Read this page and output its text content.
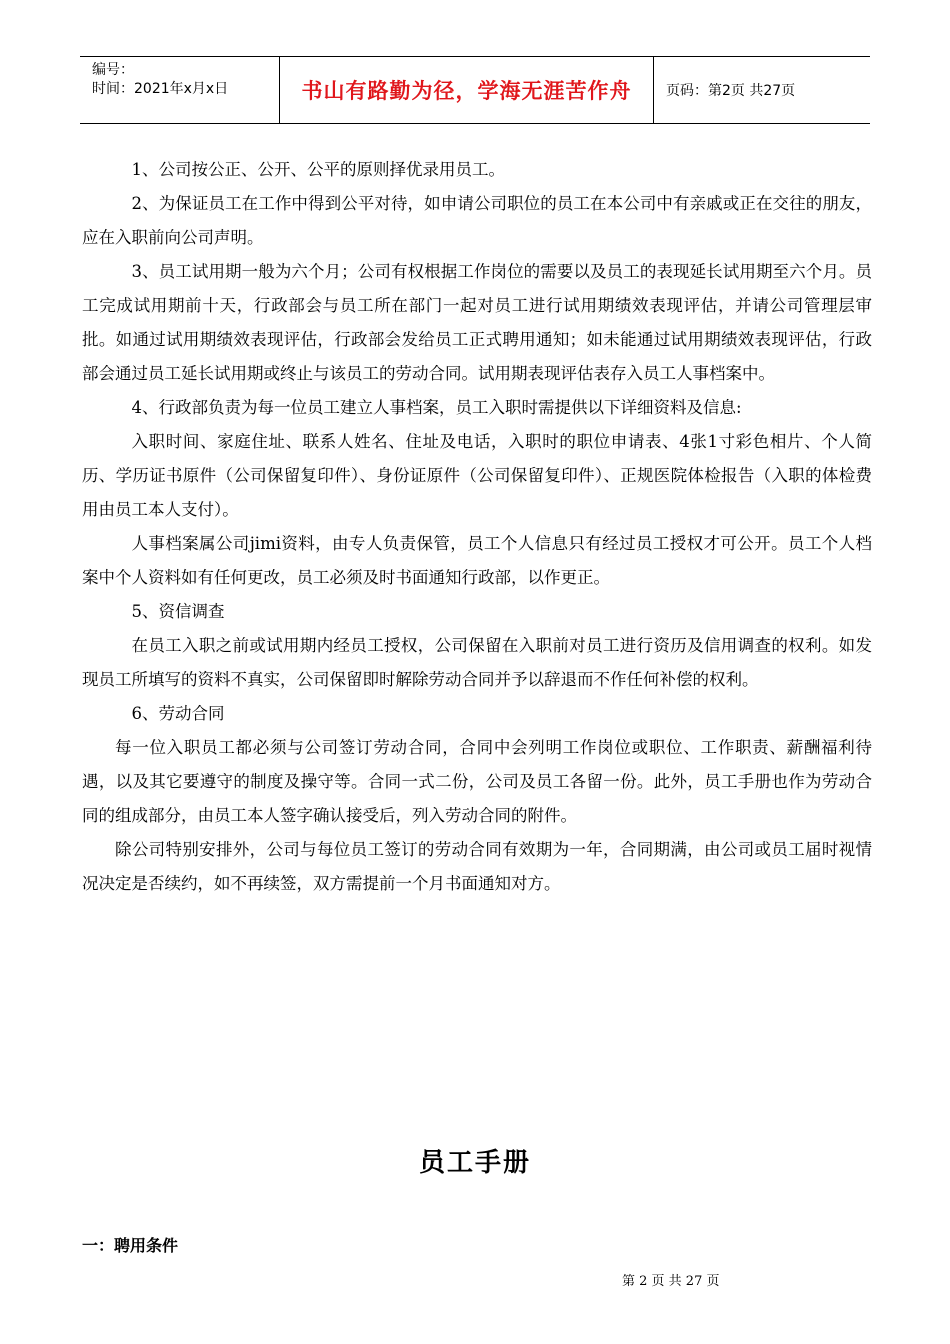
编号：
时间：2021年x月x日	书山有路勤为径，学海无涯苦作舟	页码：第2页 共27页

1、公司按公正、公开、公平的原则择优录用员工。

2、为保证员工在工作中得到公平对待，如申请公司职位的员工在本公司中有亲戚或正在交往的朋友，应在入职前向公司声明。

3、员工试用期一般为六个月；公司有权根据工作岗位的需要以及员工的表现延长试用期至六个月。员工完成试用期前十天，行政部会与员工所在部门一起对员工进行试用期绩效表现评估，并请公司管理层审批。如通过试用期绩效表现评估，行政部会发给员工正式聘用通知；如未能通过试用期绩效表现评估，行政部会通过员工延长试用期或终止与该员工的劳动合同。试用期表现评估表存入员工人事档案中。

4、行政部负责为每一位员工建立人事档案，员工入职时需提供以下详细资料及信息:

入职时间、家庭住址、联系人姓名、住址及电话，入职时的职位申请表、4张1寸彩色相片、个人简历、学历证书原件（公司保留复印件）、身份证原件（公司保留复印件）、正规医院体检报告（入职的体检费用由员工本人支付）。

人事档案属公司jimi资料，由专人负责保管，员工个人信息只有经过员工授权才可公开。员工个人档案中个人资料如有任何更改，员工必须及时书面通知行政部，以作更正。

5、资信调查

在员工入职之前或试用期内经员工授权，公司保留在入职前对员工进行资历及信用调查的权利。如发现员工所填写的资料不真实，公司保留即时解除劳动合同并予以辞退而不作任何补偿的权利。

6、劳动合同

每一位入职员工都必须与公司签订劳动合同，合同中会列明工作岗位或职位、工作职责、薪酬福利待遇，以及其它要遵守的制度及操守等。合同一式二份，公司及员工各留一份。此外，员工手册也作为劳动合同的组成部分，由员工本人签字确认接受后，列入劳动合同的附件。

除公司特别安排外，公司与每位员工签订的劳动合同有效期为一年，合同期满，由公司或员工届时视情况决定是否续约，如不再续签，双方需提前一个月书面通知对方。

员工手册
一：聘用条件
第 2 页 共 27 页
